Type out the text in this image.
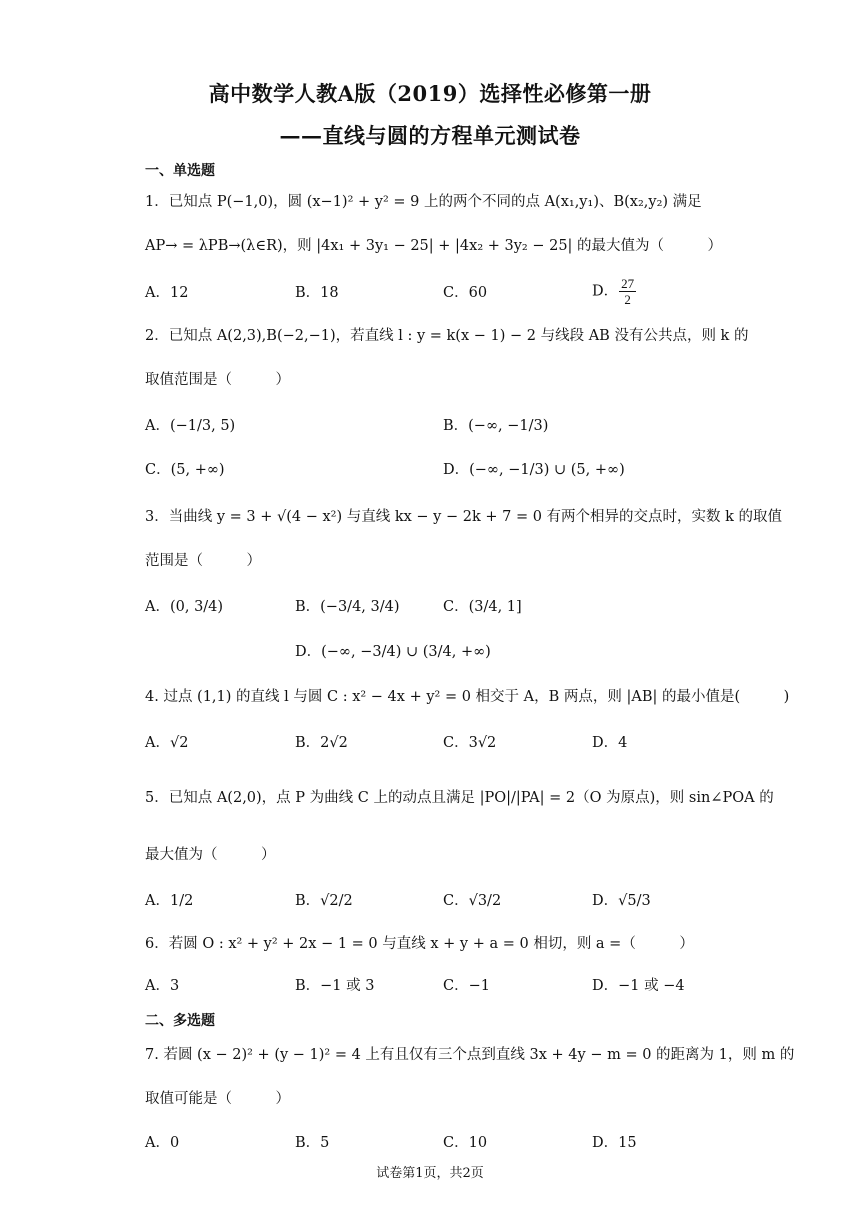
高中数学人教A版（2019）选择性必修第一册
——直线与圆的方程单元测试卷
一、单选题
1．已知点 P(−1,0)，圆 (x−1)² + y² = 9 上的两个不同的点 A(x₁,y₁)、B(x₂,y₂) 满足
AP→ = λPB→(λ∈R)，则 |4x₁ + 3y₁ − 25| + |4x₂ + 3y₂ − 25| 的最大值为（　　　）
A．12	B．18	C．60	D． $\frac{27}{2}$
2．已知点 A(2,3),B(−2,−1)，若直线 l : y = k(x − 1) − 2 与线段 AB 没有公共点，则 k 的
取值范围是（　　　）
A．(−1/3, 5)	B．(−∞, −1/3)
C．(5, +∞)	D．(−∞, −1/3) ∪ (5, +∞)
3．当曲线 y = 3 + √(4 − x²) 与直线 kx − y − 2k + 7 = 0 有两个相异的交点时，实数 k 的取值
范围是（　　　）
A．(0, 3/4)	B．(−3/4, 3/4)	C．(3/4, 1]
D．(−∞, −3/4) ∪ (3/4, +∞)
4. 过点 (1,1) 的直线 l 与圆 C : x² − 4x + y² = 0 相交于 A，B 两点，则 |AB| 的最小值是(　　　)
A．√2	B．2√2	C．3√2	D．4
5．已知点 A(2,0)，点 P 为曲线 C 上的动点且满足 |PO|/|PA| = 2（O 为原点)，则 sin∠POA 的
最大值为（　　　）
A．1/2	B．√2/2	C．√3/2	D．√5/3
6．若圆 O : x² + y² + 2x − 1 = 0 与直线 x + y + a = 0 相切，则 a =（　　　）
A．3	B．−1 或 3	C．−1	D．−1 或 −4
二、多选题
7. 若圆 (x − 2)² + (y − 1)² = 4 上有且仅有三个点到直线 3x + 4y − m = 0 的距离为 1，则 m 的
取值可能是（　　　）
A．0	B．5	C．10	D．15
试卷第1页，共2页
